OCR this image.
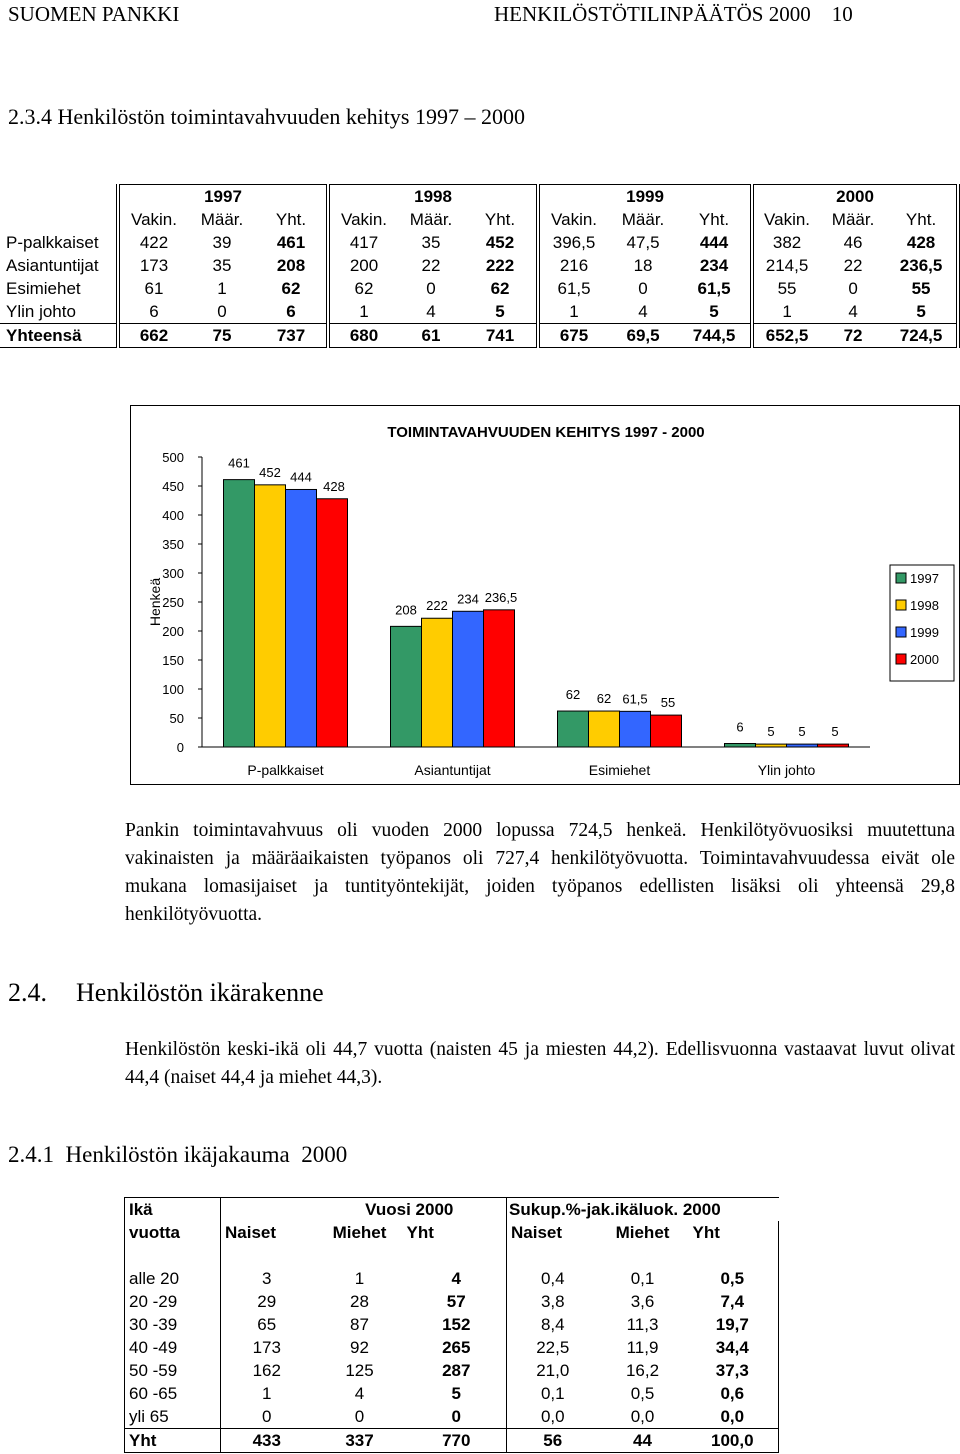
SUOMEN PANKKI	HENKILÖSTÖTILINPÄÄTÖS 2000    10
2.3.4 Henkilöstön toimintavahvuuden kehitys 1997 – 2000
	1997			1998			1999			2000		
	Vakin.	Määr.	Yht.	Vakin.	Määr.	Yht.	Vakin.	Määr.	Yht.	Vakin.	Määr.	Yht.
P-palkkaiset	422	39	461	417	35	452	396,5	47,5	444	382	46	428
Asiantuntijat	173	35	208	200	22	222	216	18	234	214,5	22	236,5
Esimiehet	61	1	62	62	0	62	61,5	0	61,5	55	0	55
Ylin johto	6	0	6	1	4	5	1	4	5	1	4	5
Yhteensä	662	75	737	680	61	741	675	69,5	744,5	652,5	72	724,5
TOIMINTAVAHVUUDEN KEHITYS 1997 - 2000
Henkeä
0
50
100
150
200
250
300
350
400
450
500	461
452 444
428
208 222 234 236,5
62 62 61,5 55
6 5 5 5
P-palkkaiset	Asiantuntijat	Esimiehet	Ylin johto
1997
1998
1999
2000
Pankin toimintavahvuus oli vuoden 2000 lopussa 724,5 henkeä. Henkilötyövuosiksi muutettuna vakinaisten ja määräaikaisten työpanos oli 727,4 henkilötyövuotta. Toimintavahvuudessa eivät ole mukana lomasijaiset ja tuntityöntekijät, joiden työpanos edellisten lisäksi oli yhteensä 29,8 henkilötyövuotta.
2.4. Henkilöstön ikärakenne
Henkilöstön keski-ikä oli 44,7 vuotta (naisten 45 ja miesten 44,2). Edellisvuonna vastaavat luvut olivat 44,4 (naiset 44,4 ja miehet 44,3).
2.4.1  Henkilöstön ikäjakauma  2000
Ikä		Vuosi 2000		Sukup.%-jak.ikäluok. 2000		
vuotta	Naiset	Miehet	Yht	Naiset	Miehet	Yht

alle 20	3	1	4	0,4	0,1	0,5
20 -29	29	28	57	3,8	3,6	7,4
30 -39	65	87	152	8,4	11,3	19,7
40 -49	173	92	265	22,5	11,9	34,4
50 -59	162	125	287	21,0	16,2	37,3
60 -65	1	4	5	0,1	0,5	0,6
yli 65	0	0	0	0,0	0,0	0,0
Yht	433	337	770	56	44	100,0
